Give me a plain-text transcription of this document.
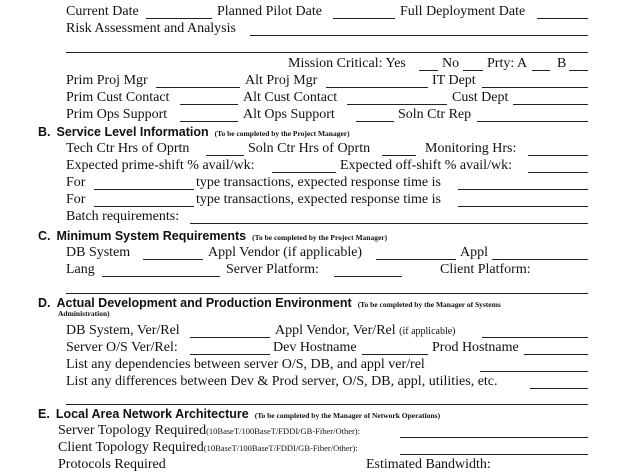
Current Date	Planned Pilot Date	Full Deployment Date
Risk Assessment and Analysis
Mission Critical: Yes	No Prty: A B
Prim Proj Mgr	Alt Proj Mgr	IT Dept
Prim Cust Contact	Alt Cust Contact	Cust Dept
Prim Ops Support	Alt Ops Support	Soln Ctr Rep
B. Service Level Information (To be completed by the Project Manager)
Tech Ctr Hrs of Oprtn	Soln Ctr Hrs of Oprtn	Monitoring Hrs:
Expected prime-shift % avail/wk:	Expected off-shift % avail/wk:
For	type transactions, expected response time is
For	type transactions, expected response time is
Batch requirements:
C. Minimum System Requirements (To be completed by the Project Manager)
DB System	Appl Vendor (if applicable)	Appl
Lang	Server Platform:	Client Platform:
D. Actual Development and Production Environment (To be completed by the Manager of Systems
Administration)
DB System, Ver/Rel	Appl Vendor, Ver/Rel (if applicable)
Server O/S Ver/Rel:	Dev Hostname	Prod Hostname
List any dependencies between server O/S, DB, and appl ver/rel
List any differences between Dev & Prod server, O/S, DB, appl, utilities, etc.
E. Local Area Network Architecture (To be completed by the Manager of Network Operations)
Server Topology Required(10BaseT/100BaseT/FDDI/GB-Fiber/Other):
Client Topology Required(10BaseT/100BaseT/FDDI/GB-Fiber/Other):
Protocols Required	Estimated Bandwidth:
